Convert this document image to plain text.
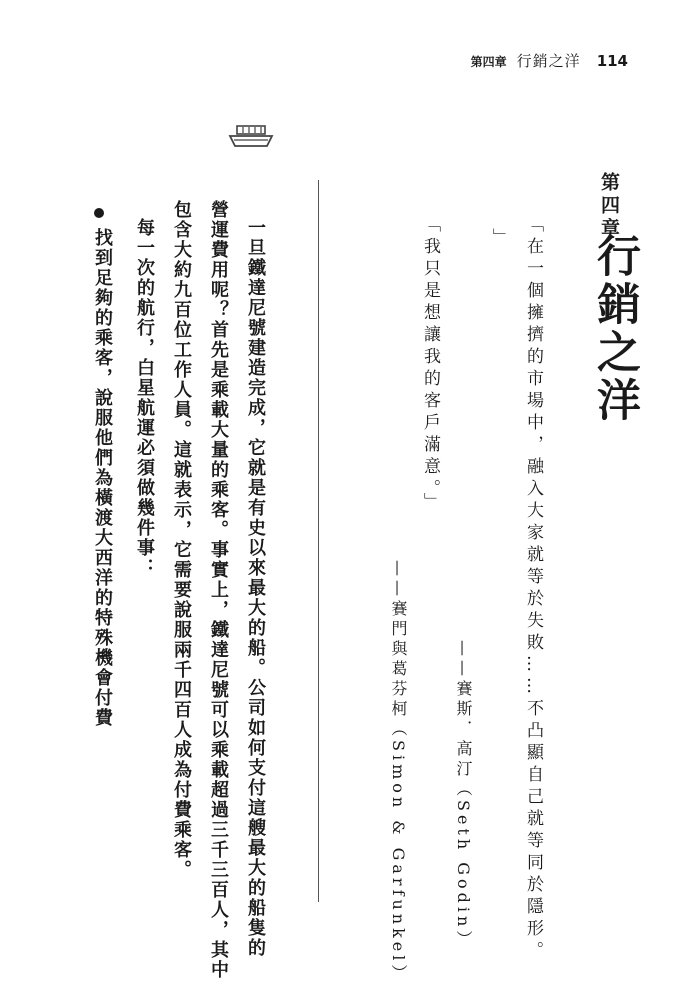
第四章 行銷之洋 114
第四章
行銷之洋
「在一個擁擠的市場中，融入大家就等於失敗……不凸顯自己就等同於隱形。
」
——賽斯．高汀（Seth Godin）
「我只是想讓我的客戶滿意。」
——賽門與葛芬柯（Simon & Garfunkel）
一旦鐵達尼號建造完成，它就是有史以來最大的船。公司如何支付這艘最大的船隻的
營運費用呢？首先是乘載大量的乘客。事實上，鐵達尼號可以乘載超過三千三百人，其中
包含大約九百位工作人員。這就表示，它需要說服兩千四百人成為付費乘客。
每一次的航行，白星航運必須做幾件事：
找到足夠的乘客，說服他們為橫渡大西洋的特殊機會付費
